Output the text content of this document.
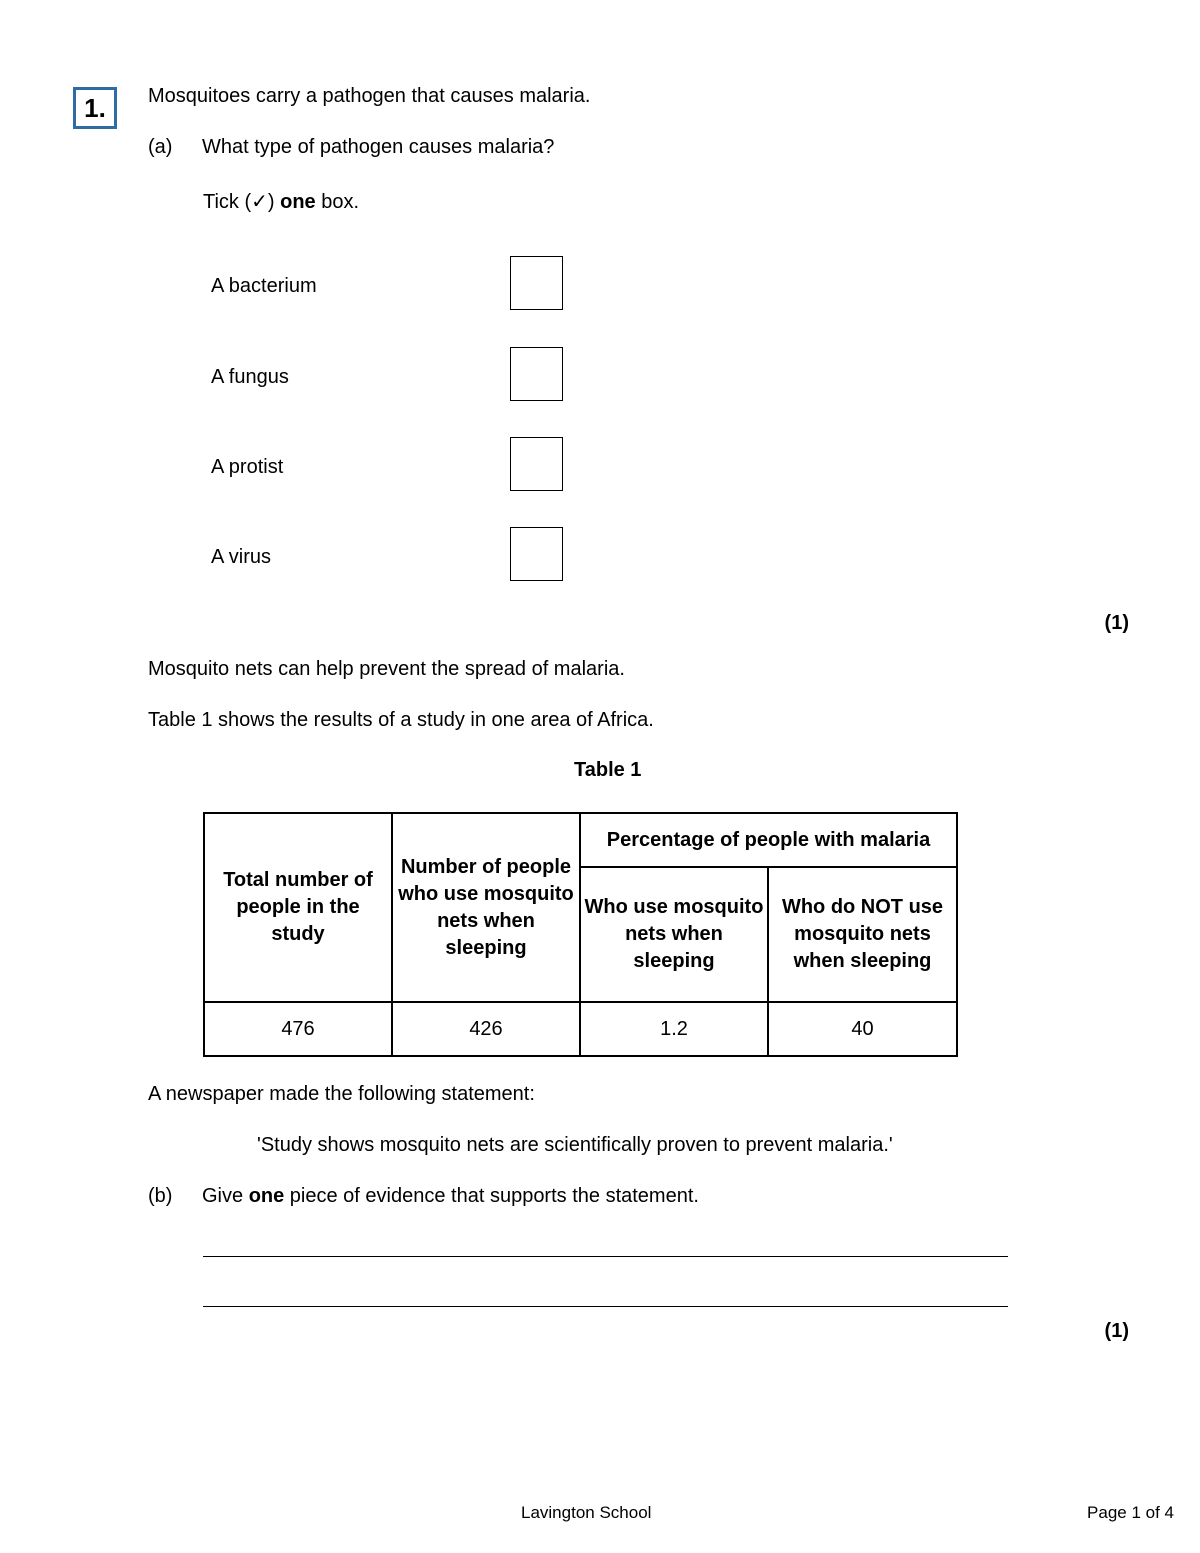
1.	Mosquitoes carry a pathogen that causes malaria.
(a) What type of pathogen causes malaria?
Tick (✓) one box.
A bacterium
A fungus
A protist
A virus
(1)
Mosquito nets can help prevent the spread of malaria.
Table 1 shows the results of a study in one area of Africa.
Table 1
Total number of people in the study	Number of people who use mosquito nets when sleeping	Percentage of people with malaria	
		Who use mosquito nets when sleeping	Who do NOT use mosquito nets when sleeping
476	426	1.2	40
A newspaper made the following statement:
'Study shows mosquito nets are scientifically proven to prevent malaria.'
(b) Give one piece of evidence that supports the statement.
(1)
Lavington School	Page 1 of 4
